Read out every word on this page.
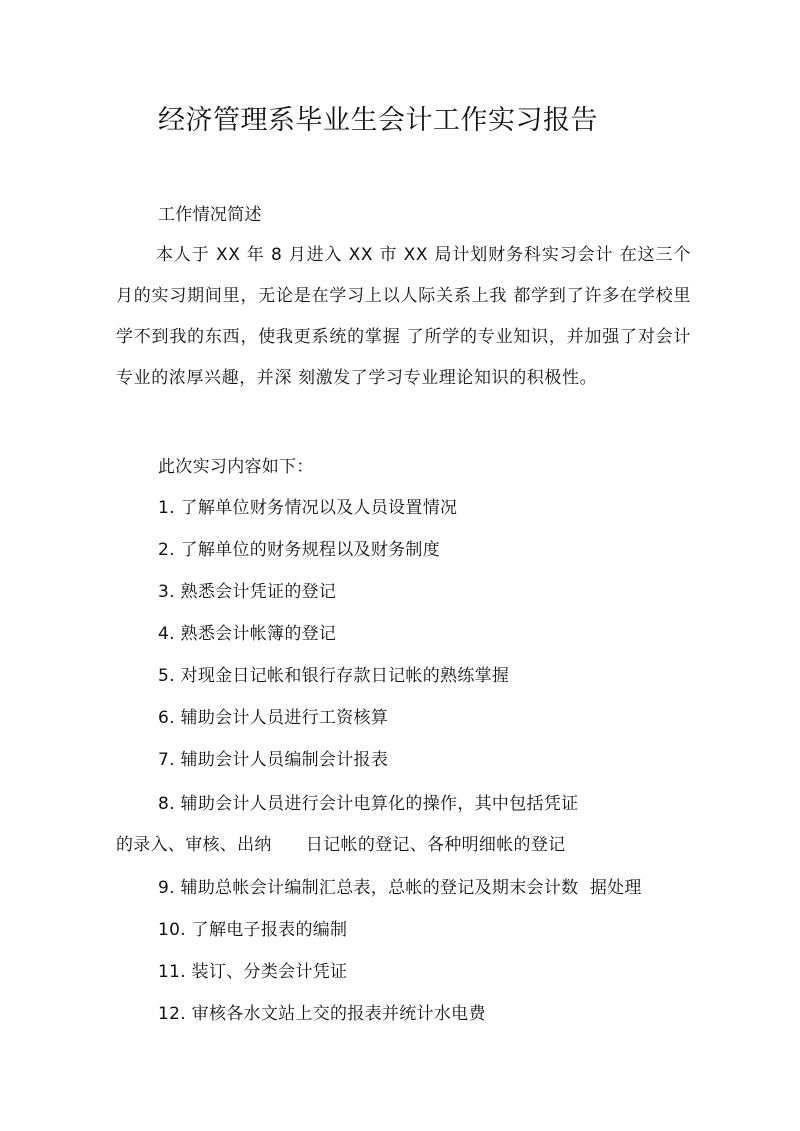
经济管理系毕业生会计工作实习报告
工作情况简述
本人于 XX 年 8 月进入 XX 市 XX 局计划财务科实习会计 在这三个月的实习期间里，无论是在学习上以人际关系上我 都学到了许多在学校里学不到我的东西，使我更系统的掌握 了所学的专业知识，并加强了对会计专业的浓厚兴趣，并深 刻激发了学习专业理论知识的积极性。
此次实习内容如下：
1. 了解单位财务情况以及人员设置情况
2. 了解单位的财务规程以及财务制度
3. 熟悉会计凭证的登记
4. 熟悉会计帐簿的登记
5. 对现金日记帐和银行存款日记帐的熟练掌握
6. 辅助会计人员进行工资核算
7. 辅助会计人员编制会计报表
8. 辅助会计人员进行会计电算化的操作，其中包括凭证
的录入、审核、出纳      日记帐的登记、各种明细帐的登记
9. 辅助总帐会计编制汇总表，总帐的登记及期末会计数  据处理
10. 了解电子报表的编制
11. 装订、分类会计凭证
12. 审核各水文站上交的报表并统计水电费
